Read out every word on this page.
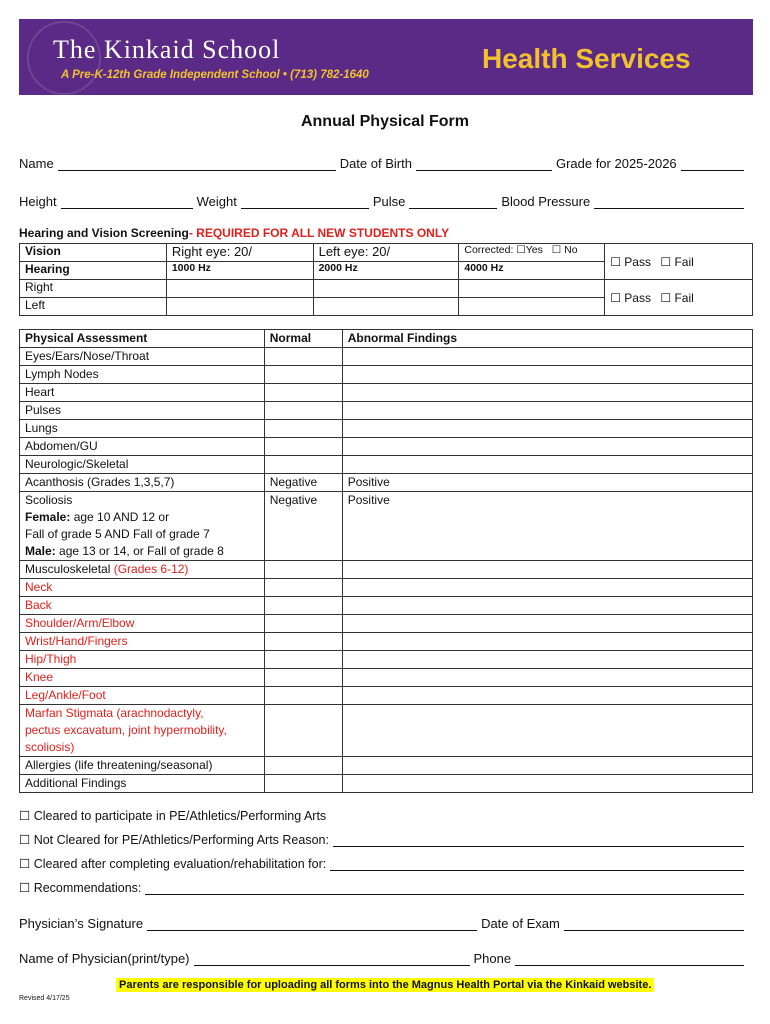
The Kinkaid School
A Pre-K-12th Grade Independent School • (713) 782-1640
Health Services
Annual Physical Form
Name	Date of Birth	Grade for 2025-2026
Height	Weight	Pulse	Blood Pressure
Hearing and Vision Screening- REQUIRED FOR ALL NEW STUDENTS ONLY
Vision	Right eye: 20/	Left eye: 20/	Corrected: ☐Yes ☐ No	☐ Pass ☐ Fail
Hearing	1000 Hz	2000 Hz	4000 Hz	
Right				☐ Pass ☐ Fail
Left				
Physical Assessment	Normal	Abnormal Findings
Eyes/Ears/Nose/Throat		
Lymph Nodes		
Heart		
Pulses		
Lungs		
Abdomen/GU		
Neurologic/Skeletal		
Acanthosis (Grades 1,3,5,7)	Negative	Positive

Scoliosis
Female: age 10 AND 12 or
Fall of grade 5 AND Fall of grade 7
Male: age 13 or 14, or Fall of grade 8	Negative	Positive
Musculoskeletal (Grades 6-12)		
Neck		
Back		
Shoulder/Arm/Elbow		
Wrist/Hand/Fingers		
Hip/Thigh		
Knee		
Leg/Ankle/Foot		

Marfan Stigmata (arachnodactyly,
pectus excavatum, joint hypermobility,
scoliosis)		

Allergies (life threatening/seasonal)		
Additional Findings		
☐ Cleared to participate in PE/Athletics/Performing Arts
☐ Not Cleared for PE/Athletics/Performing Arts Reason:
☐ Cleared after completing evaluation/rehabilitation for:
☐ Recommendations:
Physician’s Signature	Date of Exam
Name of Physician(print/type)	Phone
Parents are responsible for uploading all forms into the Magnus Health Portal via the Kinkaid website.
Revised 4/17/25
